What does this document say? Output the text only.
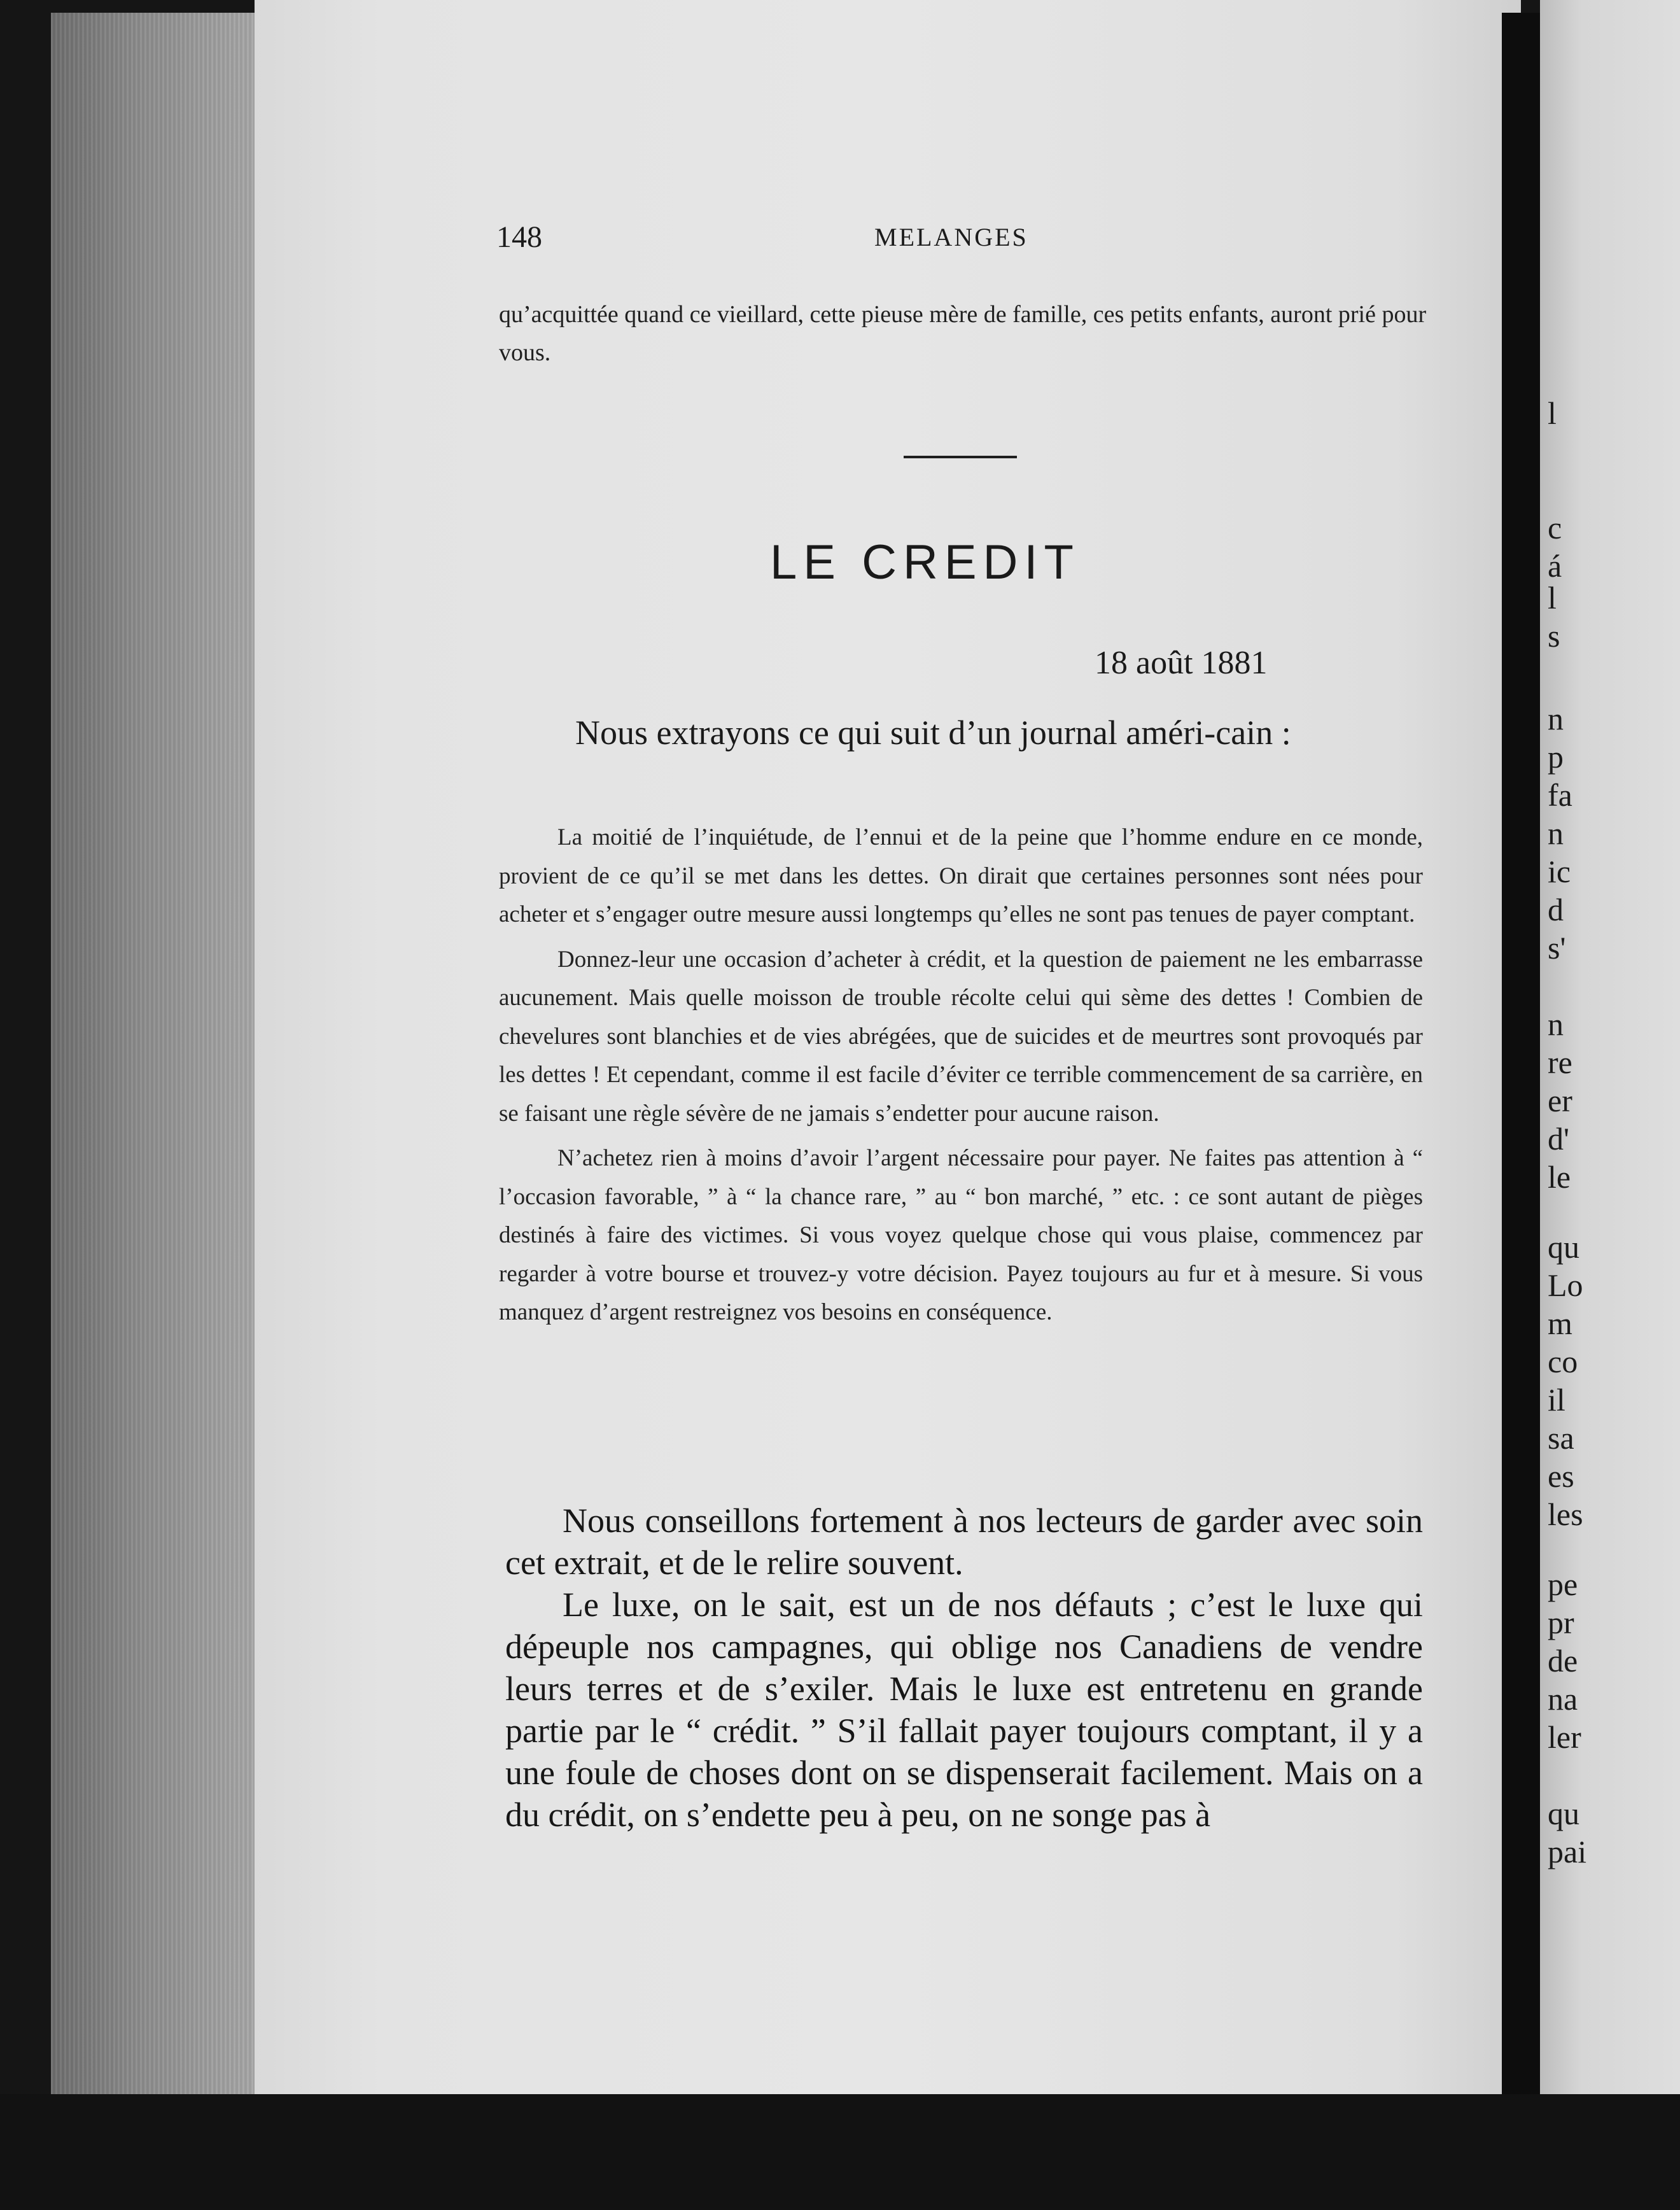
l
c
á
l
s
n
p
fa
n
ic
d
s'
n
re
er
d'
le
qu
Lo
m
co
il
sa
es
les
pe
pr
de
na
ler
qu
pai
148	MELANGES
qu’acquittée quand ce vieillard, cette pieuse mère de famille, ces petits enfants, auront prié pour vous.
LE CREDIT
18 août 1881
Nous extrayons ce qui suit d’un journal améri-cain :

La moitié de l’inquiétude, de l’ennui et de la peine que l’homme endure en ce monde, provient de ce qu’il se met dans les dettes. On dirait que certaines personnes sont nées pour acheter et s’engager outre mesure aussi longtemps qu’elles ne sont pas tenues de payer comptant.

Donnez-leur une occasion d’acheter à crédit, et la question de paiement ne les embarrasse aucunement. Mais quelle moisson de trouble récolte celui qui sème des dettes ! Combien de chevelures sont blanchies et de vies abrégées, que de suicides et de meurtres sont provoqués par les dettes ! Et cependant, comme il est facile d’éviter ce terrible commencement de sa carrière, en se faisant une règle sévère de ne jamais s’endetter pour aucune raison.

N’achetez rien à moins d’avoir l’argent nécessaire pour payer. Ne faites pas attention à “ l’occasion favorable, ” à “ la chance rare, ” au “ bon marché, ” etc. : ce sont autant de pièges destinés à faire des victimes. Si vous voyez quelque chose qui vous plaise, commencez par regarder à votre bourse et trouvez-y votre décision. Payez toujours au fur et à mesure. Si vous manquez d’argent restreignez vos besoins en conséquence.

Nous conseillons fortement à nos lecteurs de garder avec soin cet extrait, et de le relire souvent.

Le luxe, on le sait, est un de nos défauts ; c’est le luxe qui dépeuple nos campagnes, qui oblige nos Canadiens de vendre leurs terres et de s’exiler. Mais le luxe est entretenu en grande partie par le “ crédit. ” S’il fallait payer toujours comptant, il y a une foule de choses dont on se dispenserait facilement. Mais on a du crédit, on s’endette peu à peu, on ne songe pas à
